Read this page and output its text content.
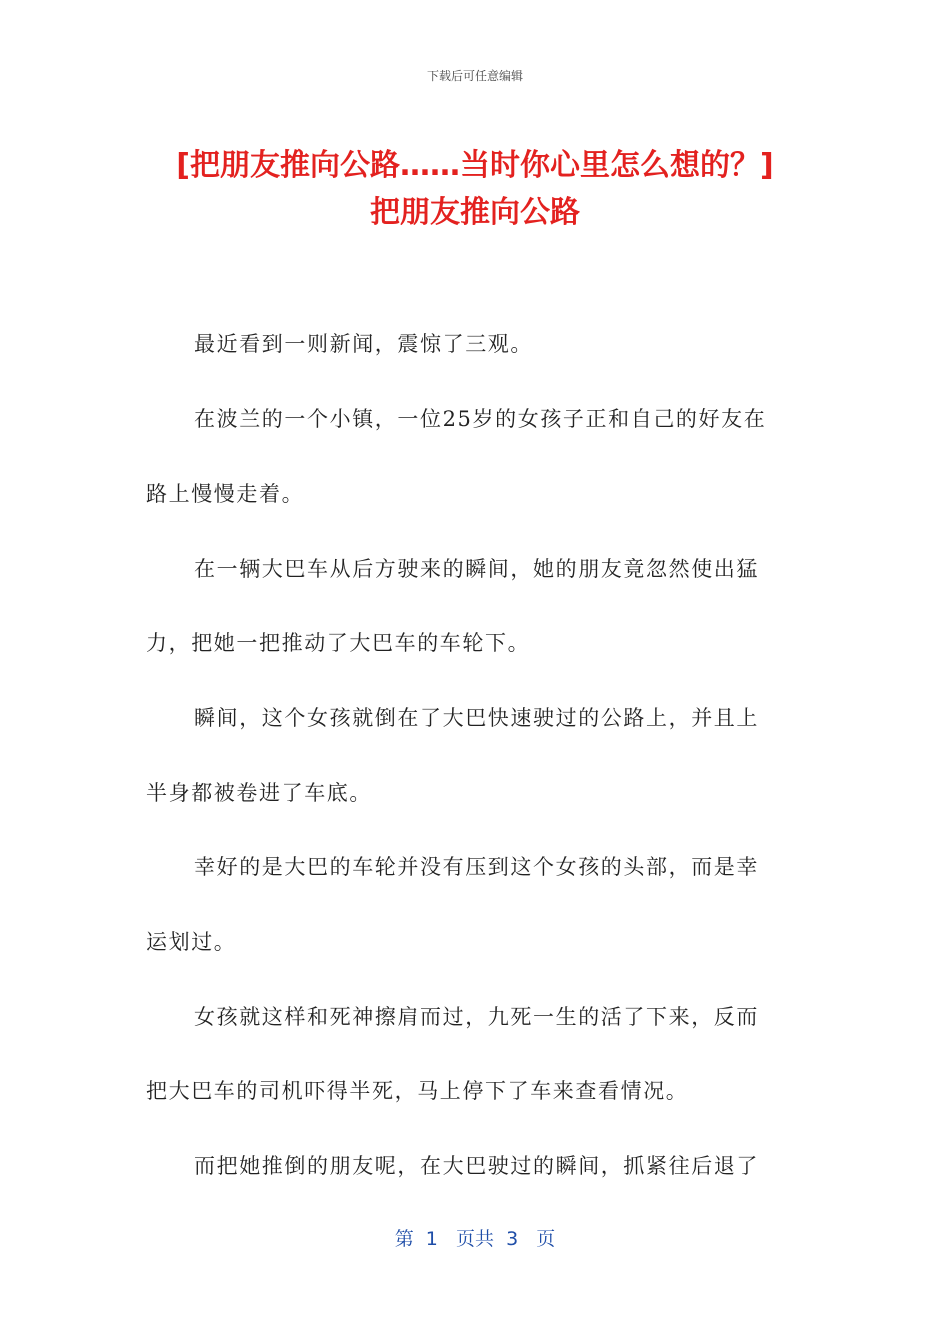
下载后可任意编辑
[把朋友推向公路……当时你心里怎么想的？]
把朋友推向公路
最近看到一则新闻，震惊了三观。
在波兰的一个小镇，一位25岁的女孩子正和自己的好友在
路上慢慢走着。
在一辆大巴车从后方驶来的瞬间，她的朋友竟忽然使出猛
力，把她一把推动了大巴车的车轮下。
瞬间，这个女孩就倒在了大巴快速驶过的公路上，并且上
半身都被卷进了车底。
幸好的是大巴的车轮并没有压到这个女孩的头部，而是幸
运划过。
女孩就这样和死神擦肩而过，九死一生的活了下来，反而
把大巴车的司机吓得半死，马上停下了车来查看情况。
而把她推倒的朋友呢，在大巴驶过的瞬间，抓紧往后退了
第  1   页共  3   页
